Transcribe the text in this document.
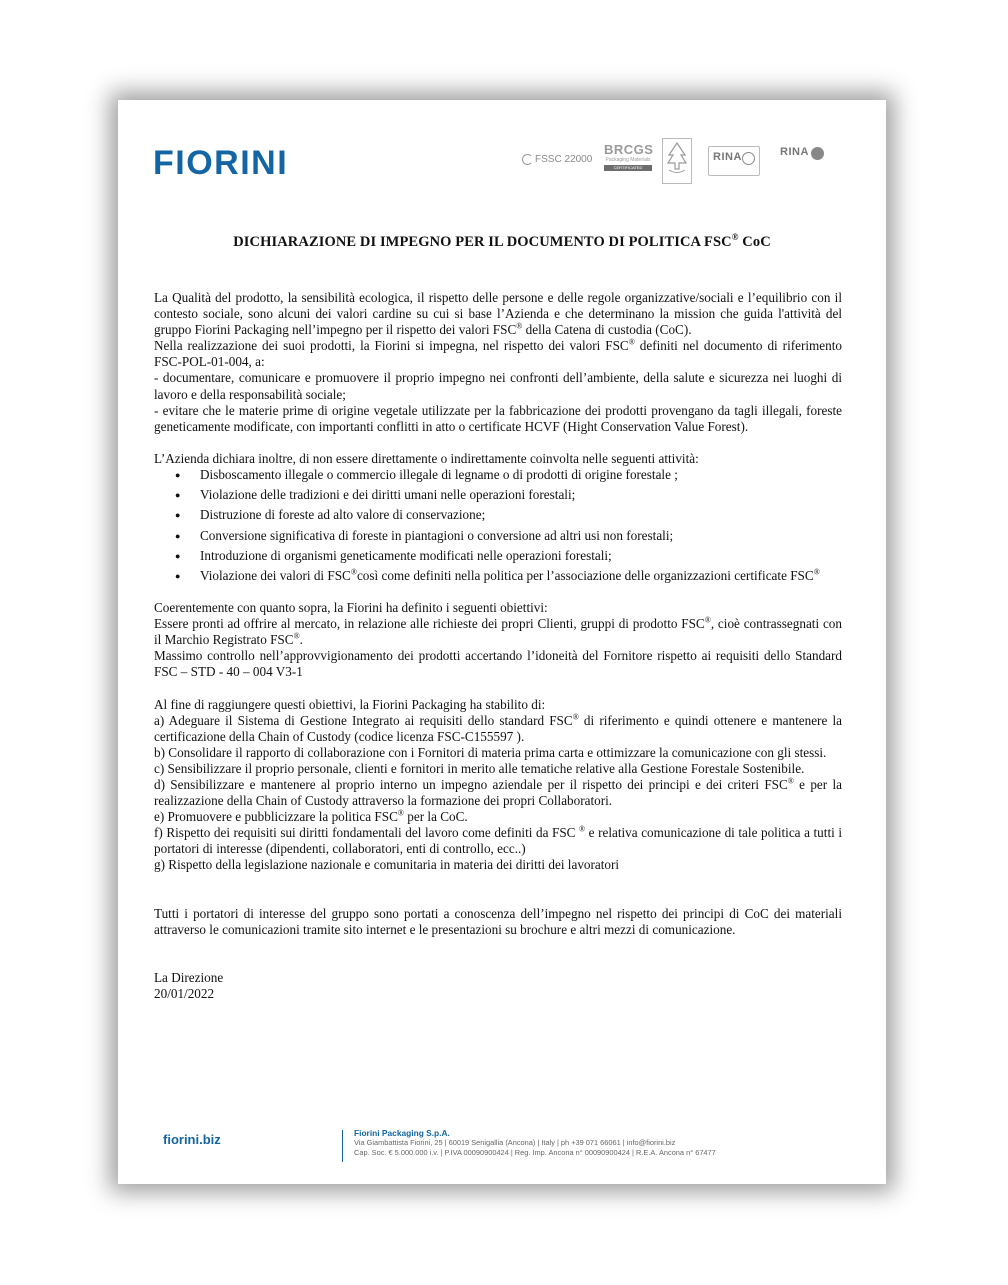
FIORINI	FSSC 22000
BRCGS
Packaging Materials
CERTIFICATED
RINA	RINA
DICHIARAZIONE DI IMPEGNO PER IL DOCUMENTO DI POLITICA FSC® CoC

La Qualità del prodotto, la sensibilità ecologica, il rispetto delle persone e delle regole organizzative/sociali e l’equilibrio con il contesto sociale, sono alcuni dei valori cardine su cui si base l’Azienda e che determinano la mission che guida l'attività del gruppo Fiorini Packaging nell’impegno per il rispetto dei valori FSC® della Catena di custodia (CoC).

Nella realizzazione dei suoi prodotti, la Fiorini si impegna, nel rispetto dei valori FSC® definiti nel documento di riferimento FSC-POL-01-004, a:

- documentare, comunicare e promuovere il proprio impegno nei confronti dell’ambiente, della salute e sicurezza nei luoghi di lavoro e della responsabilità sociale;

- evitare che le materie prime di origine vegetale utilizzate per la fabbricazione dei prodotti provengano da tagli illegali, foreste geneticamente modificate, con importanti conflitti in atto o certificate HCVF (Hight Conservation Value Forest).

L’Azienda dichiara inoltre, di non essere direttamente o indirettamente coinvolta nelle seguenti attività:

● Disboscamento illegale o commercio illegale di legname o di prodotti di origine forestale ;
● Violazione delle tradizioni e dei diritti umani nelle operazioni forestali;
● Distruzione di foreste ad alto valore di conservazione;
● Conversione significativa di foreste in piantagioni o conversione ad altri usi non forestali;
● Introduzione di organismi geneticamente modificati nelle operazioni forestali;
● Violazione dei valori di FSC®così come definiti nella politica per l’associazione delle organizzazioni certificate FSC®

Coerentemente con quanto sopra, la Fiorini ha definito i seguenti obiettivi:

Essere pronti ad offrire al mercato, in relazione alle richieste dei propri Clienti, gruppi di prodotto FSC®, cioè contrassegnati con il Marchio Registrato FSC®.

Massimo controllo nell’approvvigionamento dei prodotti accertando l’idoneità del Fornitore rispetto ai requisiti dello Standard FSC – STD - 40 – 004 V3-1

Al fine di raggiungere questi obiettivi, la Fiorini Packaging ha stabilito di:

a) Adeguare il Sistema di Gestione Integrato ai requisiti dello standard FSC® di riferimento e quindi ottenere e mantenere la certificazione della Chain of Custody (codice licenza FSC-C155597 ).

b) Consolidare il rapporto di collaborazione con i Fornitori di materia prima carta e ottimizzare la comunicazione con gli stessi.

c) Sensibilizzare il proprio personale, clienti e fornitori in merito alle tematiche relative alla Gestione Forestale Sostenibile.

d) Sensibilizzare e mantenere al proprio interno un impegno aziendale per il rispetto dei principi e dei criteri FSC® e per la realizzazione della Chain of Custody attraverso la formazione dei propri Collaboratori.

e) Promuovere e pubblicizzare la politica FSC® per la CoC.

f) Rispetto dei requisiti sui diritti fondamentali del lavoro come definiti da FSC ® e relativa comunicazione di tale politica a tutti i portatori di interesse (dipendenti, collaboratori, enti di controllo, ecc..)

g) Rispetto della legislazione nazionale e comunitaria in materia dei diritti dei lavoratori

Tutti i portatori di interesse del gruppo sono portati a conoscenza dell’impegno nel rispetto dei principi di CoC dei materiali attraverso le comunicazioni tramite sito internet e le presentazioni su brochure e altri mezzi di comunicazione.

La Direzione

20/01/2022

fiorini.biz	Fiorini Packaging S.p.A.
Via Giambattista Fiorini, 25 | 60019 Senigallia (Ancona) | Italy | ph +39 071 66061 | info@fiorini.biz
Cap. Soc. € 5.000.000 i.v. | P.IVA 00090900424 | Reg. Imp. Ancona n° 00090900424 | R.E.A. Ancona n° 67477
